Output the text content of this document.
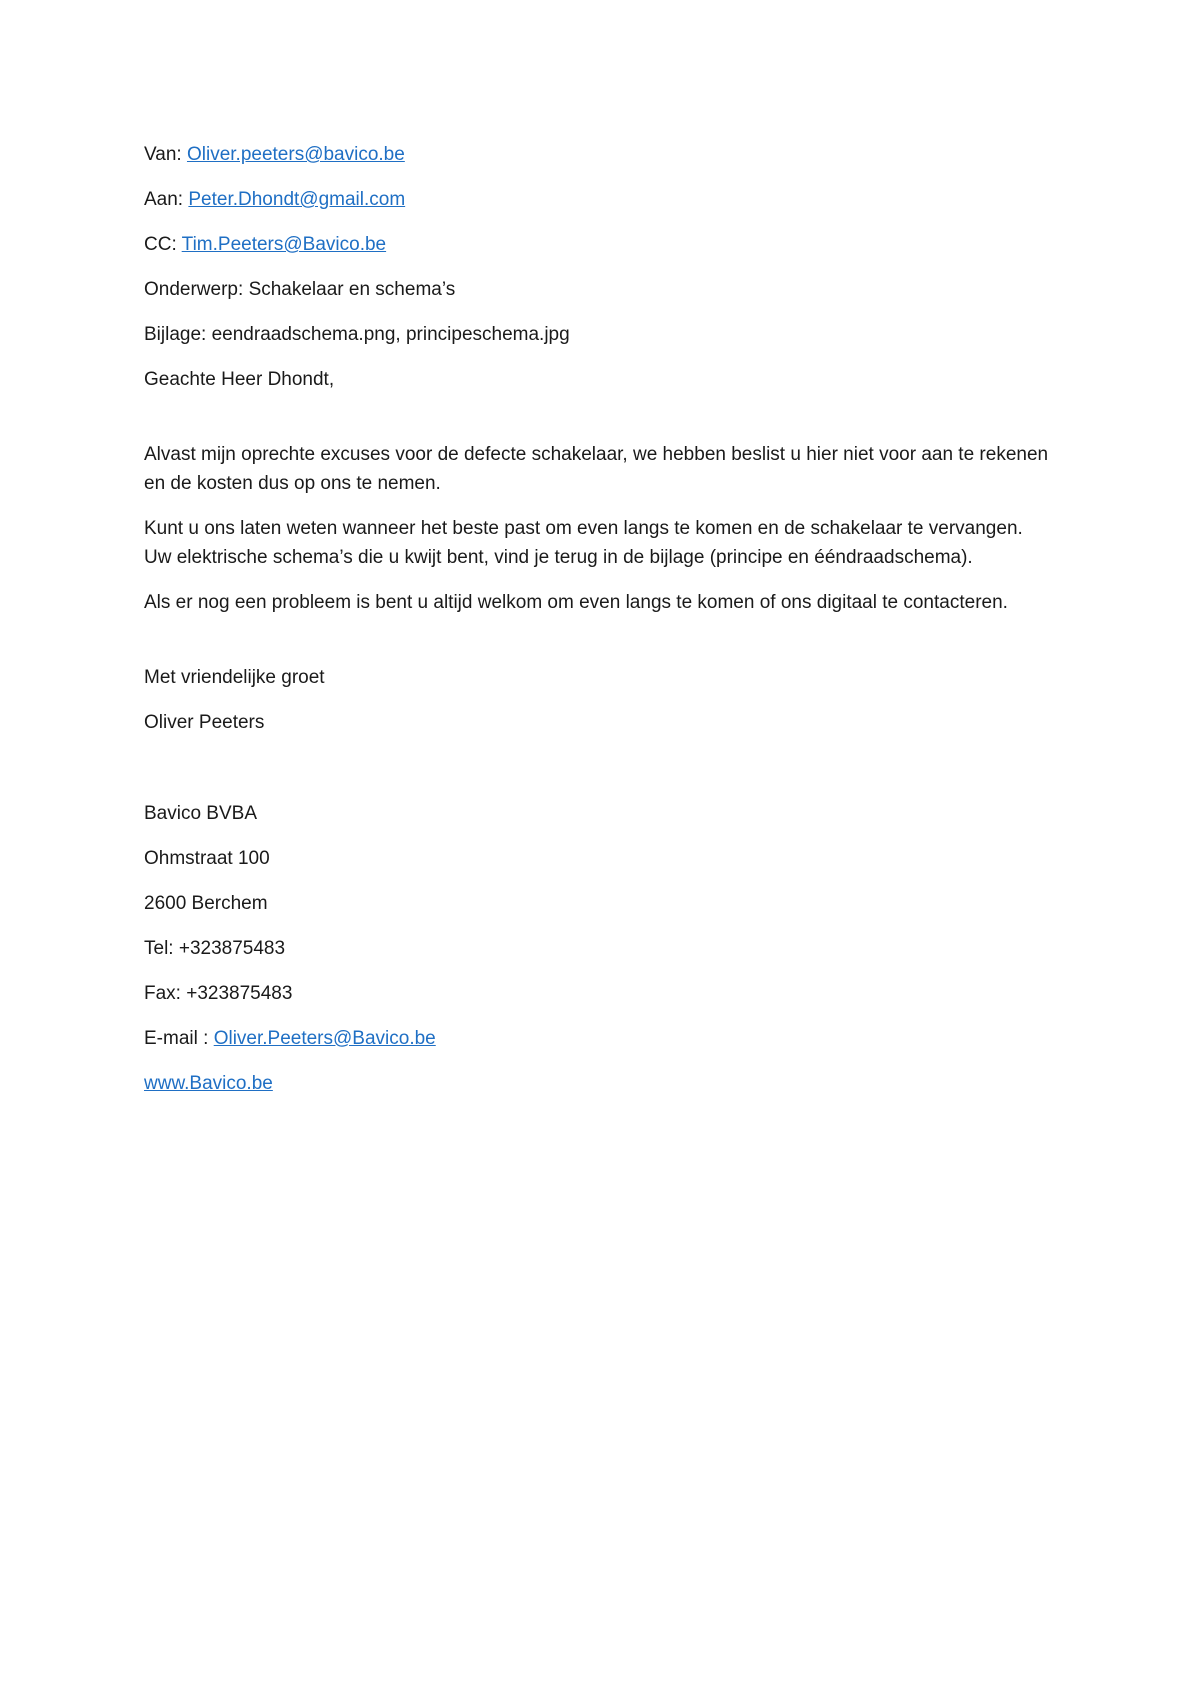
Van: Oliver.peeters@bavico.be
Aan: Peter.Dhondt@gmail.com
CC: Tim.Peeters@Bavico.be
Onderwerp: Schakelaar en schema’s
Bijlage: eendraadschema.png, principeschema.jpg
Geachte Heer Dhondt,

Alvast mijn oprechte excuses voor de defecte schakelaar, we hebben beslist u hier niet voor aan te rekenen en de kosten dus op ons te nemen.

Kunt u ons laten weten wanneer het beste past om even langs te komen en de schakelaar te vervangen. Uw elektrische schema’s die u kwijt bent, vind je terug in de bijlage (principe en ééndraadschema).

Als er nog een probleem is bent u altijd welkom om even langs te komen of ons digitaal te contacteren.

Met vriendelijke groet
Oliver Peeters
Bavico BVBA
Ohmstraat 100
2600 Berchem
Tel: +323875483
Fax: +323875483
E-mail : Oliver.Peeters@Bavico.be
www.Bavico.be
